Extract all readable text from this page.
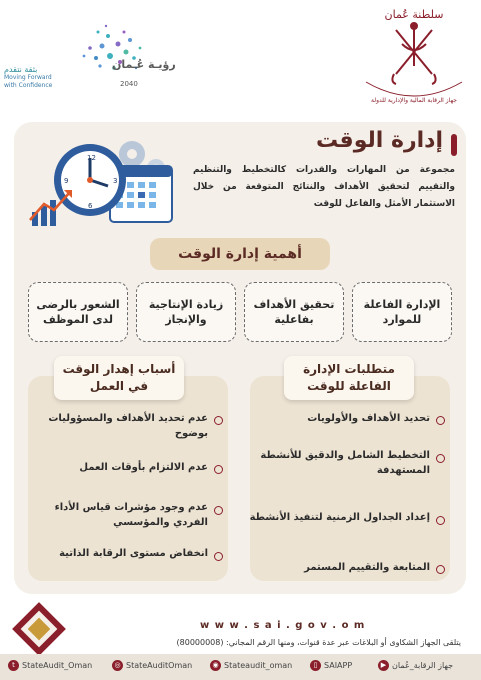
رؤيـة عُـمان
2040
بثقة نتقدم
Moving Forward with Confidence
سلطنة عُمان
جهاز الرقابة المالية والإدارية للدولة
إدارة الوقت
مجموعة من المهارات والقدرات كالتخطيط والتنظيم والتقييم لتحقيق الأهداف والنتائج المتوقعة من خلال الاستثمار الأمثل والفاعل للوقت
12
3
6
9
أهمية إدارة الوقت
الإدارة الفاعلة للموارد
تحقيق الأهداف بفاعلية
زيادة الإنتاجية والإنجاز
الشعور بالرضى لدى الموظف
متطلبات الإدارة الفاعلة للوقت
تحديد الأهداف والأولويات
التخطيط الشامل والدقيق للأنشطة المستهدفة
إعداد الجداول الزمنية لتنفيذ الأنشطة
المتابعة والتقييم المستمر
أسباب إهدار الوقت في العمل
عدم تحديد الأهداف والمسؤوليات بوضوح
عدم الالتزام بأوقات العمل
عدم وجود مؤشرات قياس الأداء الفردي والمؤسسي
انخفاض مستوى الرقابة الذاتية
w w w . s a i . g o v . o m
يتلقى الجهاز الشكاوى أو البلاغات عبر عدة قنوات، ومنها الرقم المجاني: (80000008)
t StateAudit_Oman	◎ StateAuditOman	◉ Stateaudit_oman	▯ SAIAPP	▶ جهاز الرقابة_عُمان
